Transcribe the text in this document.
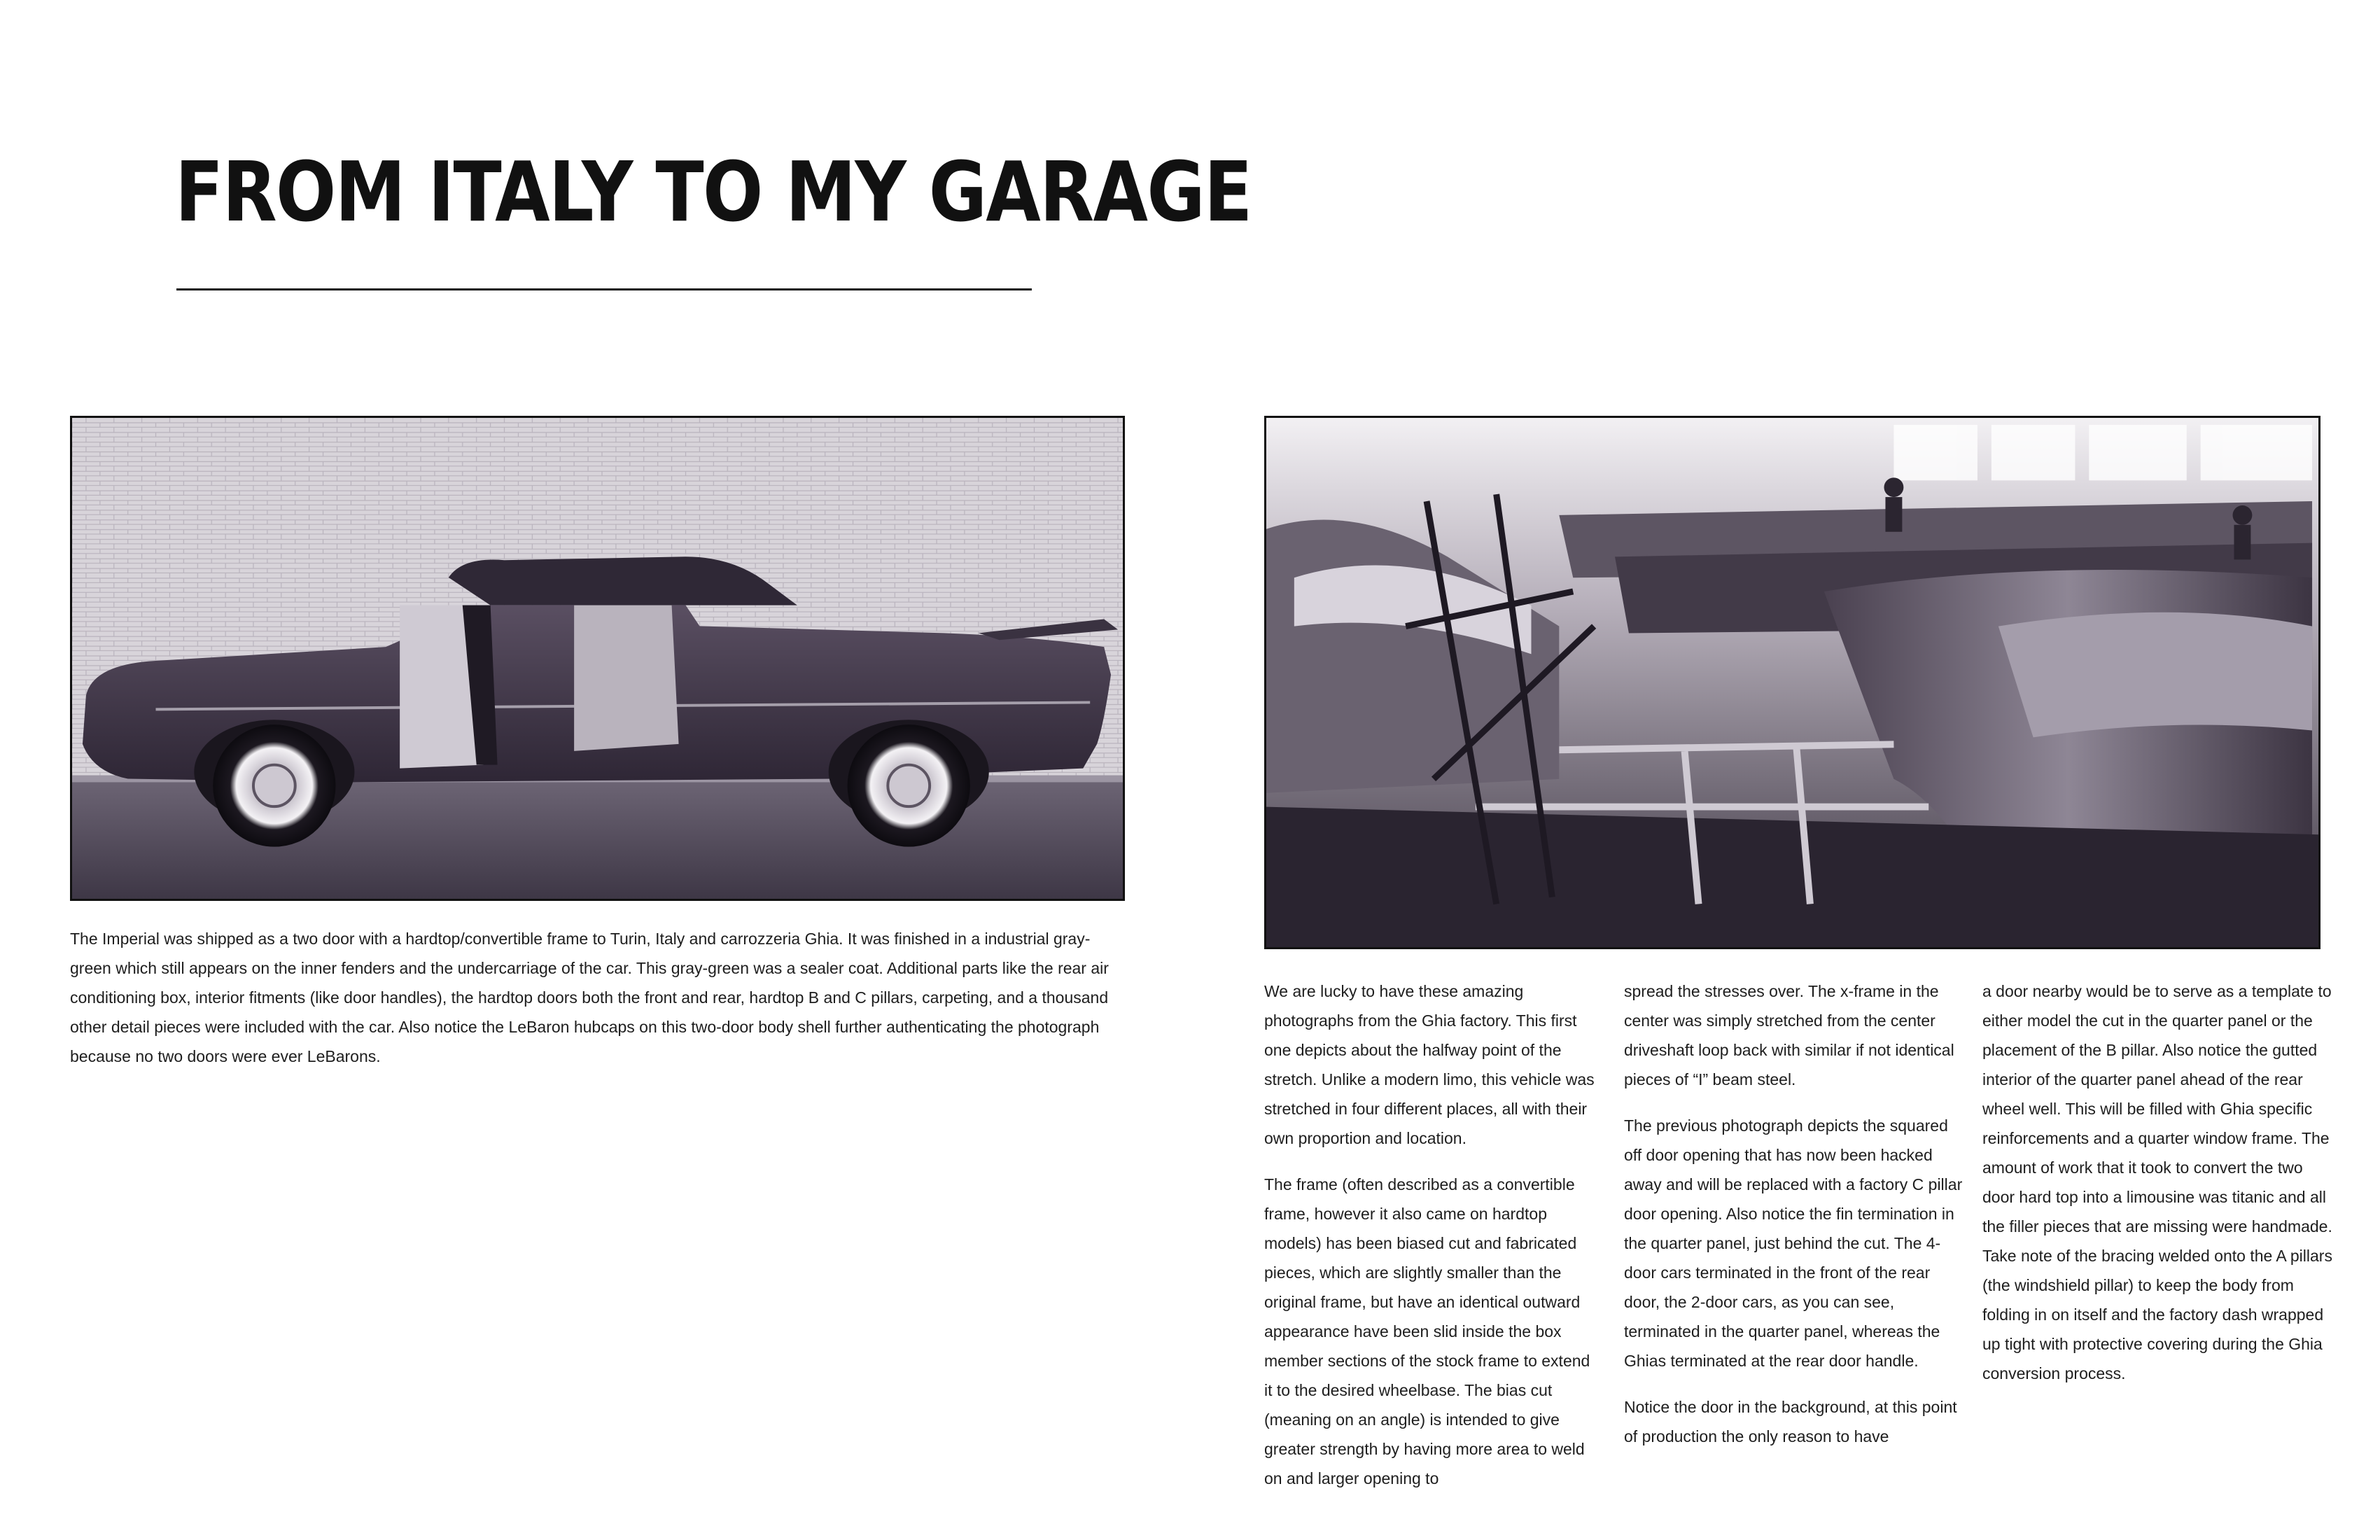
FROM ITALY TO MY GARAGE

The Imperial was shipped as a two door with a hardtop/convertible frame to Turin, Italy and carrozzeria Ghia. It was finished in a industrial gray-green which still appears on the inner fenders and the undercarriage of the car. This gray-green was a sealer coat. Additional parts like the rear air conditioning box, interior fitments (like door handles), the hardtop doors both the front and rear, hardtop B and C pillars, carpeting, and a thousand other detail pieces were included with the car. Also notice the LeBaron hubcaps on this two-door body shell further authenticating the photograph because no two doors were ever LeBarons.

We are lucky to have these amazing photographs from the Ghia factory. This first one depicts about the halfway point of the stretch. Unlike a modern limo, this vehicle was stretched in four different places, all with their own proportion and location.

The frame (often described as a convertible frame, however it also came on hardtop models) has been biased cut and fabricated pieces, which are slightly smaller than the original frame, but have an identical outward appearance have been slid inside the box member sections of the stock frame to extend it to the desired wheelbase. The bias cut (meaning on an angle) is intended to give greater strength by having more area to weld on and larger opening to

spread the stresses over. The x-frame in the center was simply stretched from the center driveshaft loop back with similar if not identical pieces of “I” beam steel.

The previous photograph depicts the squared off door opening that has now been hacked away and will be replaced with a factory C pillar door opening. Also notice the fin termination in the quarter panel, just behind the cut. The 4-door cars terminated in the front of the rear door, the 2-door cars, as you can see, terminated in the quarter panel, whereas the Ghias terminated at the rear door handle.

Notice the door in the background, at this point of production the only reason to have

a door nearby would be to serve as a template to either model the cut in the quarter panel or the placement of the B pillar. Also notice the gutted interior of the quarter panel ahead of the rear wheel well. This will be filled with Ghia specific reinforcements and a quarter window frame. The amount of work that it took to convert the two door hard top into a limousine was titanic and all the filler pieces that are missing were handmade. Take note of the bracing welded onto the A pillars (the windshield pillar) to keep the body from folding in on itself and the factory dash wrapped up tight with protective covering during the Ghia conversion process.
